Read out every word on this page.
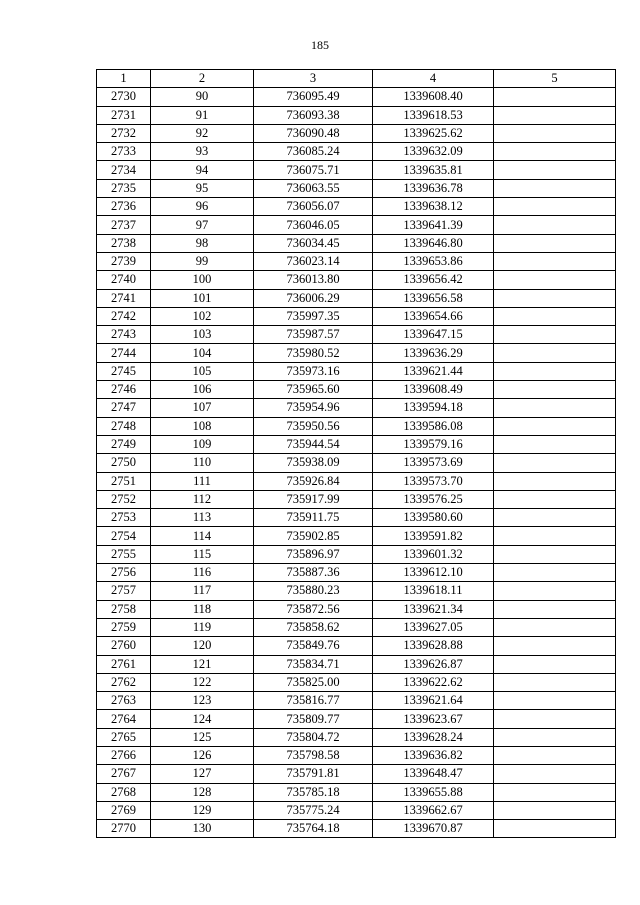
185
1	2	3	4	5
2730	90	736095.49	1339608.40	
2731	91	736093.38	1339618.53	
2732	92	736090.48	1339625.62	
2733	93	736085.24	1339632.09	
2734	94	736075.71	1339635.81	
2735	95	736063.55	1339636.78	
2736	96	736056.07	1339638.12	
2737	97	736046.05	1339641.39	
2738	98	736034.45	1339646.80	
2739	99	736023.14	1339653.86	
2740	100	736013.80	1339656.42	
2741	101	736006.29	1339656.58	
2742	102	735997.35	1339654.66	
2743	103	735987.57	1339647.15	
2744	104	735980.52	1339636.29	
2745	105	735973.16	1339621.44	
2746	106	735965.60	1339608.49	
2747	107	735954.96	1339594.18	
2748	108	735950.56	1339586.08	
2749	109	735944.54	1339579.16	
2750	110	735938.09	1339573.69	
2751	111	735926.84	1339573.70	
2752	112	735917.99	1339576.25	
2753	113	735911.75	1339580.60	
2754	114	735902.85	1339591.82	
2755	115	735896.97	1339601.32	
2756	116	735887.36	1339612.10	
2757	117	735880.23	1339618.11	
2758	118	735872.56	1339621.34	
2759	119	735858.62	1339627.05	
2760	120	735849.76	1339628.88	
2761	121	735834.71	1339626.87	
2762	122	735825.00	1339622.62	
2763	123	735816.77	1339621.64	
2764	124	735809.77	1339623.67	
2765	125	735804.72	1339628.24	
2766	126	735798.58	1339636.82	
2767	127	735791.81	1339648.47	
2768	128	735785.18	1339655.88	
2769	129	735775.24	1339662.67	
2770	130	735764.18	1339670.87	
